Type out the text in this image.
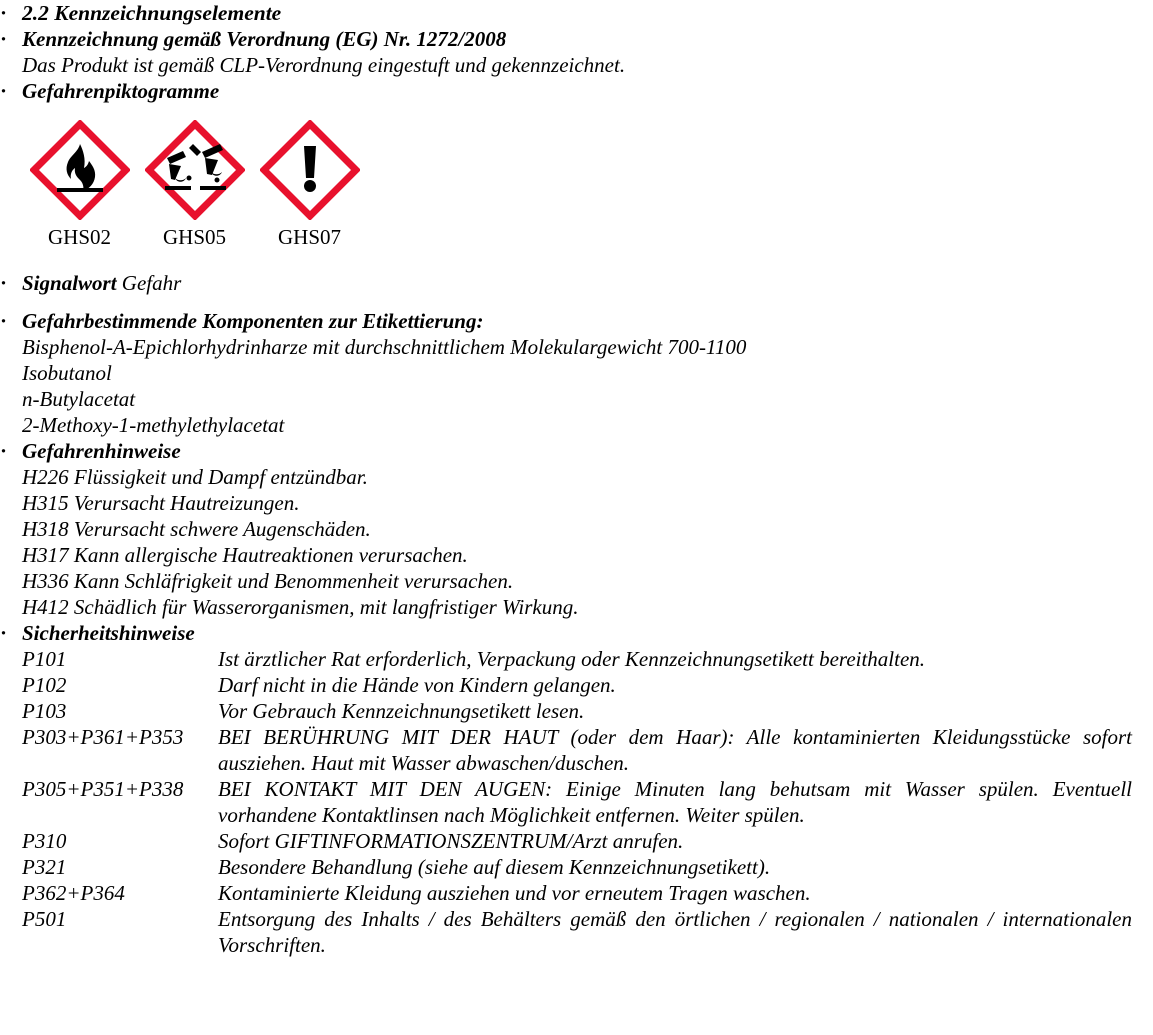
· 2.2 Kennzeichnungselemente
· Kennzeichnung gemäß Verordnung (EG) Nr. 1272/2008
Das Produkt ist gemäß CLP-Verordnung eingestuft und gekennzeichnet.
· Gefahrenpiktogramme
GHS02	GHS05	GHS07
· Signalwort
Gefahr
· Gefahrbestimmende Komponenten zur Etikettierung:
Bisphenol-A-Epichlorhydrinharze mit durchschnittlichem Molekulargewicht 700-1100
Isobutanol
n-Butylacetat
2-Methoxy-1-methylethylacetat
· Gefahrenhinweise
H226 Flüssigkeit und Dampf entzündbar.
H315 Verursacht Hautreizungen.
H318 Verursacht schwere Augenschäden.
H317 Kann allergische Hautreaktionen verursachen.
H336 Kann Schläfrigkeit und Benommenheit verursachen.
H412 Schädlich für Wasserorganismen, mit langfristiger Wirkung.
· Sicherheitshinweise
P101	Ist ärztlicher Rat erforderlich, Verpackung oder Kennzeichnungsetikett bereithalten.
P102	Darf nicht in die Hände von Kindern gelangen.
P103	Vor Gebrauch Kennzeichnungsetikett lesen.
P303+P361+P353	BEI BERÜHRUNG MIT DER HAUT (oder dem Haar): Alle kontaminierten Kleidungsstücke sofort ausziehen. Haut mit Wasser abwaschen/duschen.
P305+P351+P338	BEI KONTAKT MIT DEN AUGEN: Einige Minuten lang behutsam mit Wasser spülen. Eventuell vorhandene Kontaktlinsen nach Möglichkeit entfernen. Weiter spülen.
P310	Sofort GIFTINFORMATIONSZENTRUM/Arzt anrufen.
P321	Besondere Behandlung (siehe auf diesem Kennzeichnungsetikett).
P362+P364	Kontaminierte Kleidung ausziehen und vor erneutem Tragen waschen.
P501	Entsorgung des Inhalts / des Behälters gemäß den örtlichen / regionalen / nationalen / internationalen Vorschriften.
